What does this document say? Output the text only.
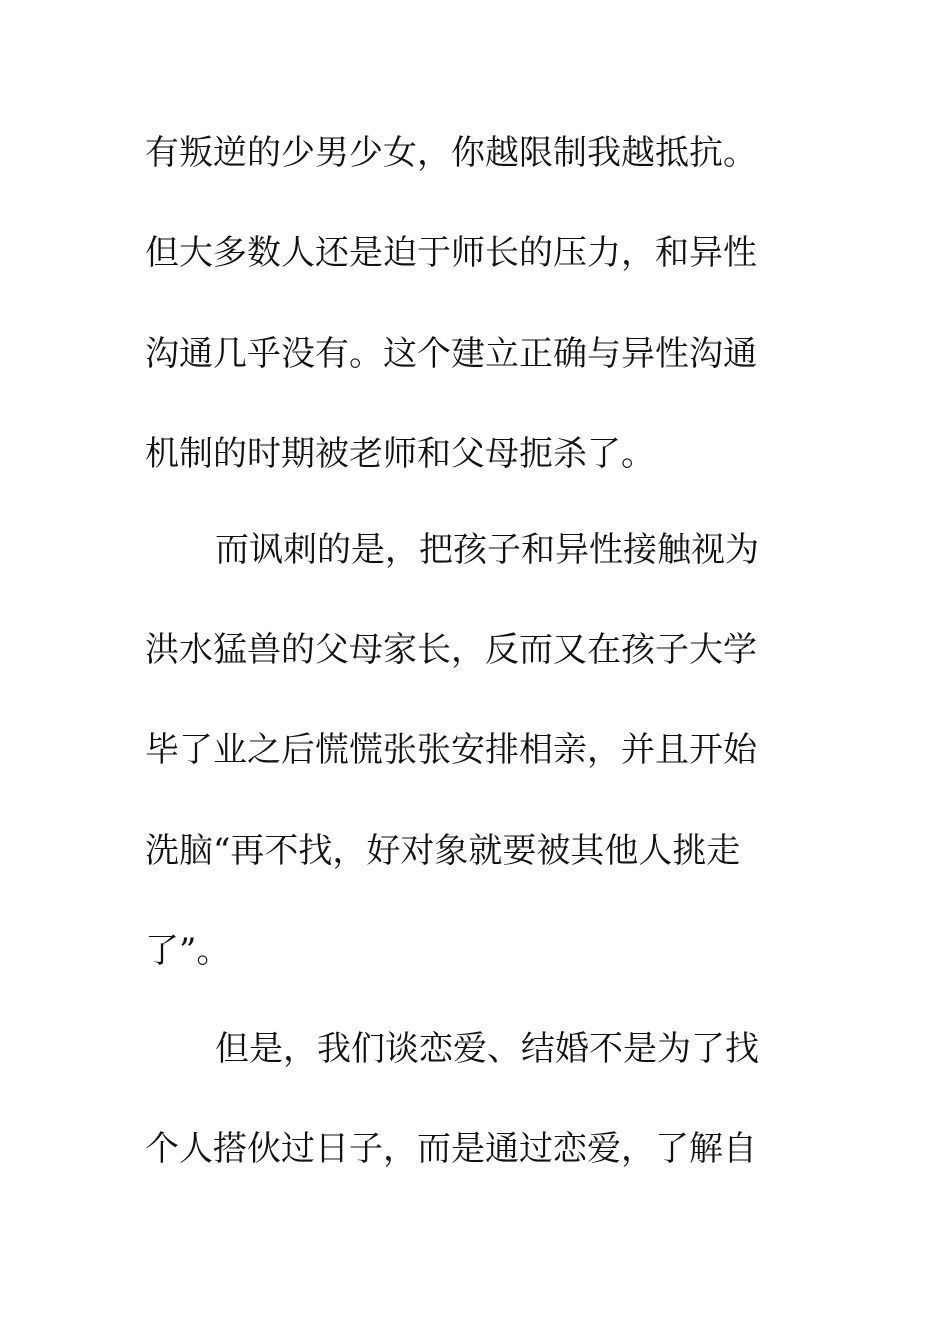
有叛逆的少男少女，你越限制我越抵抗。
但大多数人还是迫于师长的压力，和异性
沟通几乎没有。这个建立正确与异性沟通
机制的时期被老师和父母扼杀了。
而讽刺的是，把孩子和异性接触视为
洪水猛兽的父母家长，反而又在孩子大学
毕了业之后慌慌张张安排相亲，并且开始
洗脑“再不找，好对象就要被其他人挑走
了”。
但是，我们谈恋爱、结婚不是为了找
个人搭伙过日子，而是通过恋爱，了解自
